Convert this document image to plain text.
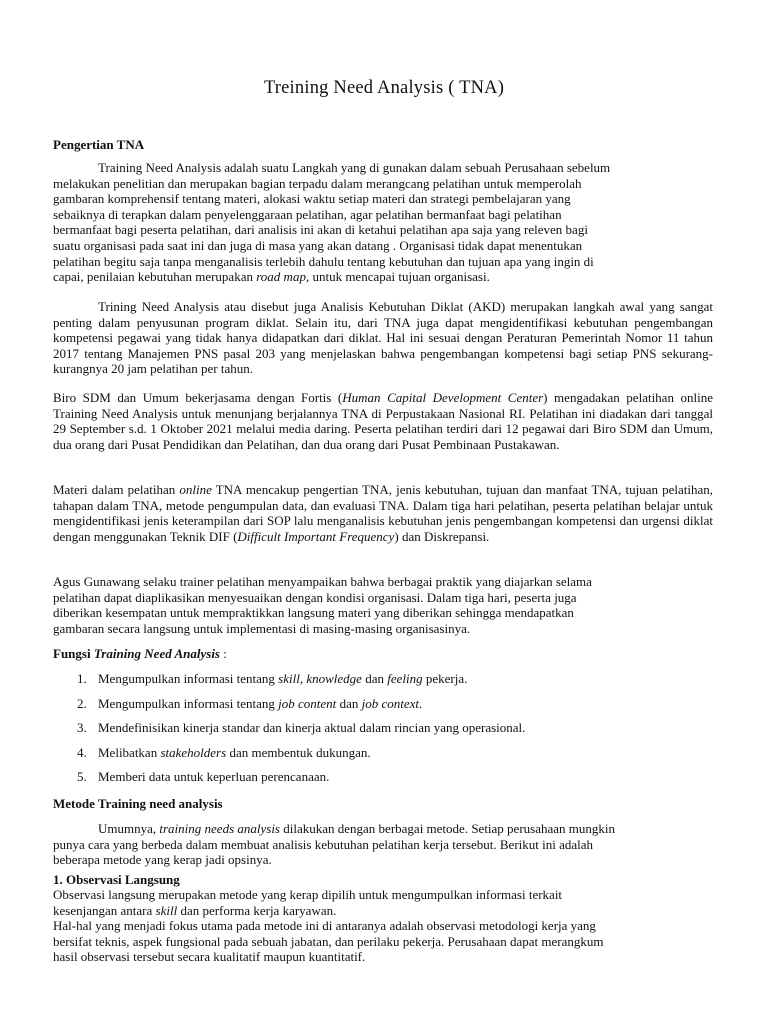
Treining Need Analysis ( TNA)
Pengertian TNA
Training Need Analysis adalah suatu Langkah yang di gunakan dalam sebuah Perusahaan sebelum
melakukan penelitian dan merupakan bagian terpadu dalam merangcang pelatihan untuk memperolah
gambaran komprehensif tentang materi, alokasi waktu setiap materi dan strategi pembelajaran yang
sebaiknya di terapkan dalam penyelenggaraan pelatihan, agar pelatihan bermanfaat bagi pelatihan
bermanfaat bagi peserta pelatihan, dari analisis ini akan di ketahui pelatihan apa saja yang releven bagi
suatu organisasi pada saat ini dan juga di masa yang akan datang . Organisasi tidak dapat menentukan
pelatihan begitu saja tanpa menganalisis terlebih dahulu tentang kebutuhan dan tujuan apa yang ingin di
capai, penilaian kebutuhan merupakan road map, untuk mencapai tujuan organisasi.
Trining Need Analysis atau disebut juga Analisis Kebutuhan Diklat (AKD) merupakan langkah awal yang sangat penting dalam penyusunan program diklat. Selain itu, dari TNA juga dapat mengidentifikasi kebutuhan pengembangan kompetensi pegawai yang tidak hanya didapatkan dari diklat. Hal ini sesuai dengan Peraturan Pemerintah Nomor 11 tahun 2017 tentang Manajemen PNS pasal 203 yang menjelaskan bahwa pengembangan kompetensi bagi setiap PNS sekurang-kurangnya 20 jam pelatihan per tahun.
Biro SDM dan Umum bekerjasama dengan Fortis (Human Capital Development Center) mengadakan pelatihan online Training Need Analysis untuk menunjang berjalannya TNA di Perpustakaan Nasional RI. Pelatihan ini diadakan dari tanggal 29 September s.d. 1 Oktober 2021 melalui media daring. Peserta pelatihan terdiri dari 12 pegawai dari Biro SDM dan Umum, dua orang dari Pusat Pendidikan dan Pelatihan, dan dua orang dari Pusat Pembinaan Pustakawan.
Materi dalam pelatihan online TNA mencakup pengertian TNA, jenis kebutuhan, tujuan dan manfaat TNA, tujuan pelatihan, tahapan dalam TNA, metode pengumpulan data, dan evaluasi TNA. Dalam tiga hari pelatihan, peserta pelatihan belajar untuk mengidentifikasi jenis keterampilan dari SOP lalu menganalisis kebutuhan jenis pengembangan kompetensi dan urgensi diklat dengan menggunakan Teknik DIF (Difficult Important Frequency) dan Diskrepansi.
Agus Gunawang selaku trainer pelatihan menyampaikan bahwa berbagai praktik yang diajarkan selama
pelatihan dapat diaplikasikan menyesuaikan dengan kondisi organisasi. Dalam tiga hari, peserta juga
diberikan kesempatan untuk mempraktikkan langsung materi yang diberikan sehingga mendapatkan
gambaran secara langsung untuk implementasi di masing-masing organisasinya.
Fungsi Training Need Analysis :
1. Mengumpulkan informasi tentang skill, knowledge dan feeling pekerja.
2. Mengumpulkan informasi tentang job content dan job context.
3. Mendefinisikan kinerja standar dan kinerja aktual dalam rincian yang operasional.
4. Melibatkan stakeholders dan membentuk dukungan.
5. Memberi data untuk keperluan perencanaan.
Metode Training need analysis
Umumnya, training needs analysis dilakukan dengan berbagai metode. Setiap perusahaan mungkin
punya cara yang berbeda dalam membuat analisis kebutuhan pelatihan kerja tersebut. Berikut ini adalah
beberapa metode yang kerap jadi opsinya.
1. Observasi Langsung
Observasi langsung merupakan metode yang kerap dipilih untuk mengumpulkan informasi terkait
kesenjangan antara skill dan performa kerja karyawan.
Hal-hal yang menjadi fokus utama pada metode ini di antaranya adalah observasi metodologi kerja yang
bersifat teknis, aspek fungsional pada sebuah jabatan, dan perilaku pekerja. Perusahaan dapat merangkum
hasil observasi tersebut secara kualitatif maupun kuantitatif.
